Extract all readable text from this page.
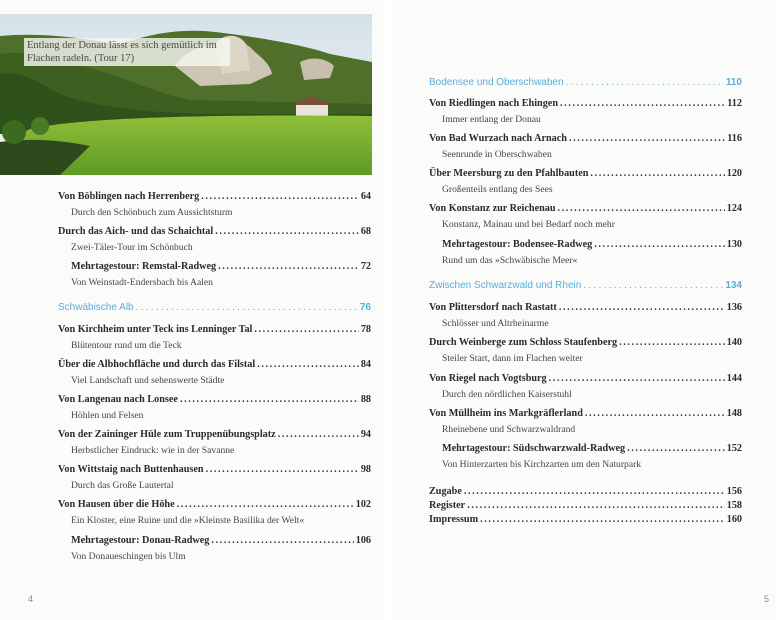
Entlang der Donau lässt es sich gemütlich im Flachen radeln. (Tour 17)
Von Böblingen nach Herrenberg .....	64
Durch den Schönbuch zum Aussichtsturm
Durch das Aich- und das Schaichtal .....	68
Zwei-Täler-Tour im Schönbuch
Mehrtagestour: Remstal-Radweg .....	72
Von Weinstadt-Endersbach bis Aalen
Schwäbische Alb .....	76
Von Kirchheim unter Teck ins Lenninger Tal .....	78
Blütentour rund um die Teck
Über die Albhochfläche und durch das Filstal .....	84
Viel Landschaft und sehenswerte Städte
Von Langenau nach Lonsee .....	88
Höhlen und Felsen
Von der Zaininger Hüle zum Truppenübungsplatz .....	94
Herbstlicher Eindruck: wie in der Savanne
Von Wittstaig nach Buttenhausen .....	98
Durch das Große Lautertal
Von Hausen über die Höhe .....	102
Ein Kloster, eine Ruine und die »Kleinste Basilika der Welt«
Mehrtagestour: Donau-Radweg .....	106
Von Donaueschingen bis Ulm
4
Bodensee und Oberschwaben .....	110
Von Riedlingen nach Ehingen .....	112
Immer entlang der Donau
Von Bad Wurzach nach Arnach .....	116
Seenrunde in Oberschwaben
Über Meersburg zu den Pfahlbauten .....	120
Großenteils entlang des Sees
Von Konstanz zur Reichenau .....	124
Konstanz, Mainau und bei Bedarf noch mehr
Mehrtagestour: Bodensee-Radweg .....	130
Rund um das »Schwäbische Meer«
Zwischen Schwarzwald und Rhein .....	134
Von Plittersdorf nach Rastatt .....	136
Schlösser und Altrheinarme
Durch Weinberge zum Schloss Staufenberg .....	140
Steiler Start, dann im Flachen weiter
Von Riegel nach Vogtsburg .....	144
Durch den nördlichen Kaiserstuhl
Von Müllheim ins Markgräflerland .....	148
Rheinebene und Schwarzwaldrand
Mehrtagestour: Südschwarzwald-Radweg .....	152
Von Hinterzarten bis Kirchzarten um den Naturpark
Zugabe .....	156
Register .....	158
Impressum .....	160
5
